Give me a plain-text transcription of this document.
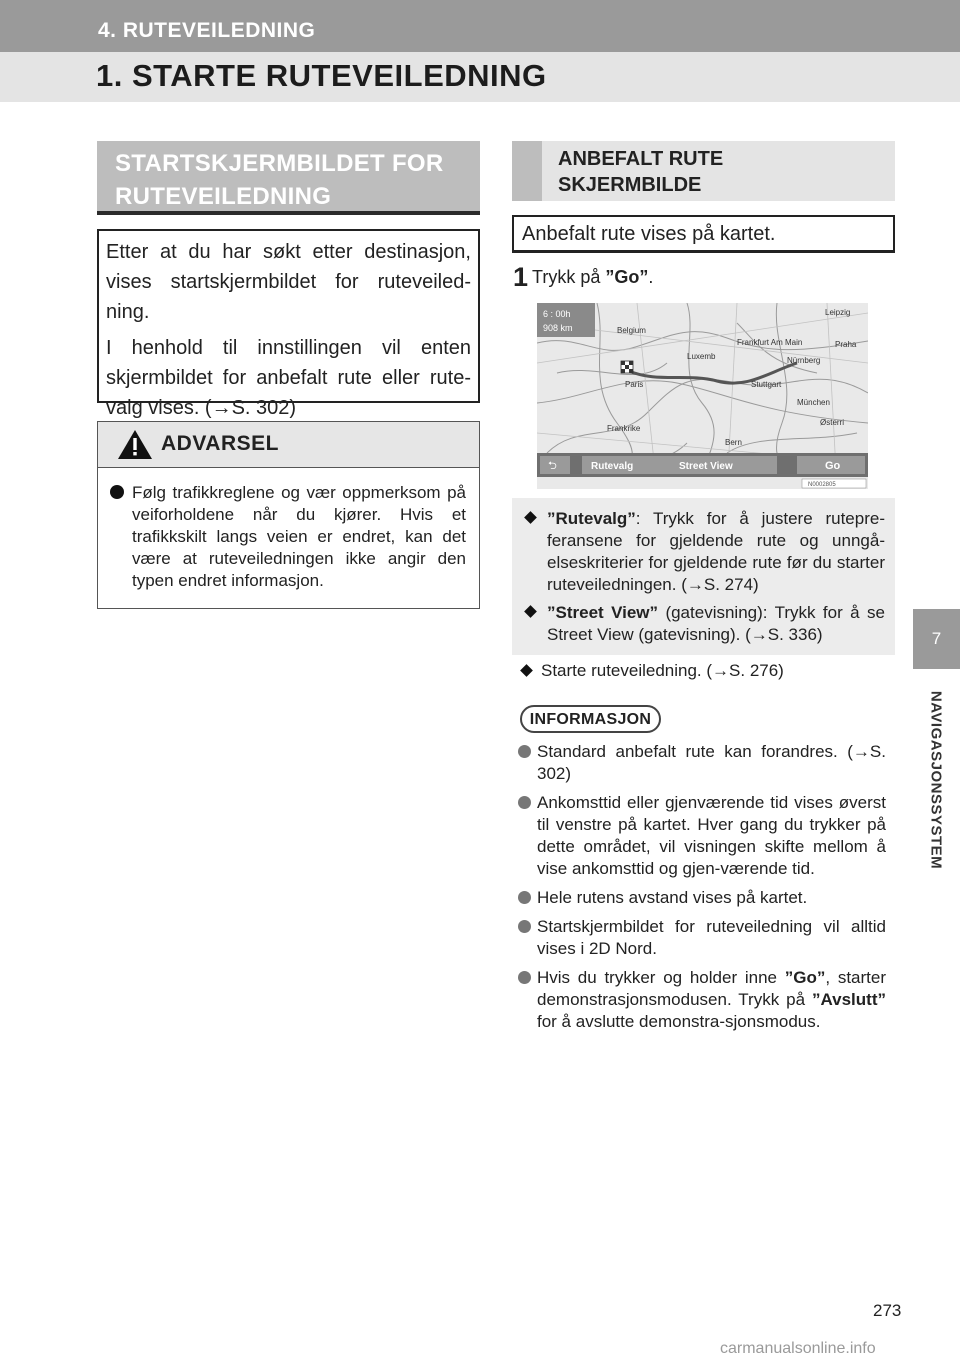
4. RUTEVEILEDNING
1. STARTE RUTEVEILEDNING
7
NAVIGASJONSSYSTEM
STARTSKJERMBILDET FOR
RUTEVEILEDNING

Etter at du har søkt etter destinasjon, vises startskjermbildet for ruteveiled-ning.

I henhold til innstillingen vil enten skjermbildet for anbefalt rute eller rute-valg vises. (→S. 302)

ADVARSEL
Følg trafikkreglene og vær oppmerksom på veiforholdene når du kjører. Hvis et trafikkskilt langs veien er endret, kan det være at ruteveiledningen ikke angir den typen endret informasjon.
ANBEFALT RUTE
SKJERMBILDE
Anbefalt rute vises på kartet.
1 Trykk på ”Go”.
6 : 00h
908 km	Belgium
Paris
Frankrike
Frankfurt Am Main
Stuttgart
Østerri
Bern
Leipzig
Praha
Luxemb	Nürnberg
München
⮌	Rutevalg	Street View	Go
N0002805
”Rutevalg”: Trykk for å justere rutepre-feransene for gjeldende rute og unngå-elseskriterier for gjeldende rute før du starter ruteveiledningen. (→S. 274)
”Street View” (gatevisning): Trykk for å se Street View (gatevisning). (→S. 336)
Starte ruteveiledning. (→S. 276)
INFORMASJON
Standard anbefalt rute kan forandres. (→S. 302)
Ankomsttid eller gjenværende tid vises øverst til venstre på kartet. Hver gang du trykker på dette området, vil visningen skifte mellom å vise ankomsttid og gjen-værende tid.
Hele rutens avstand vises på kartet.
Startskjermbildet for ruteveiledning vil alltid vises i 2D Nord.
Hvis du trykker og holder inne ”Go”, starter demonstrasjonsmodusen. Trykk på ”Avslutt” for å avslutte demonstra-sjonsmodus.
273
carmanualsonline.info
